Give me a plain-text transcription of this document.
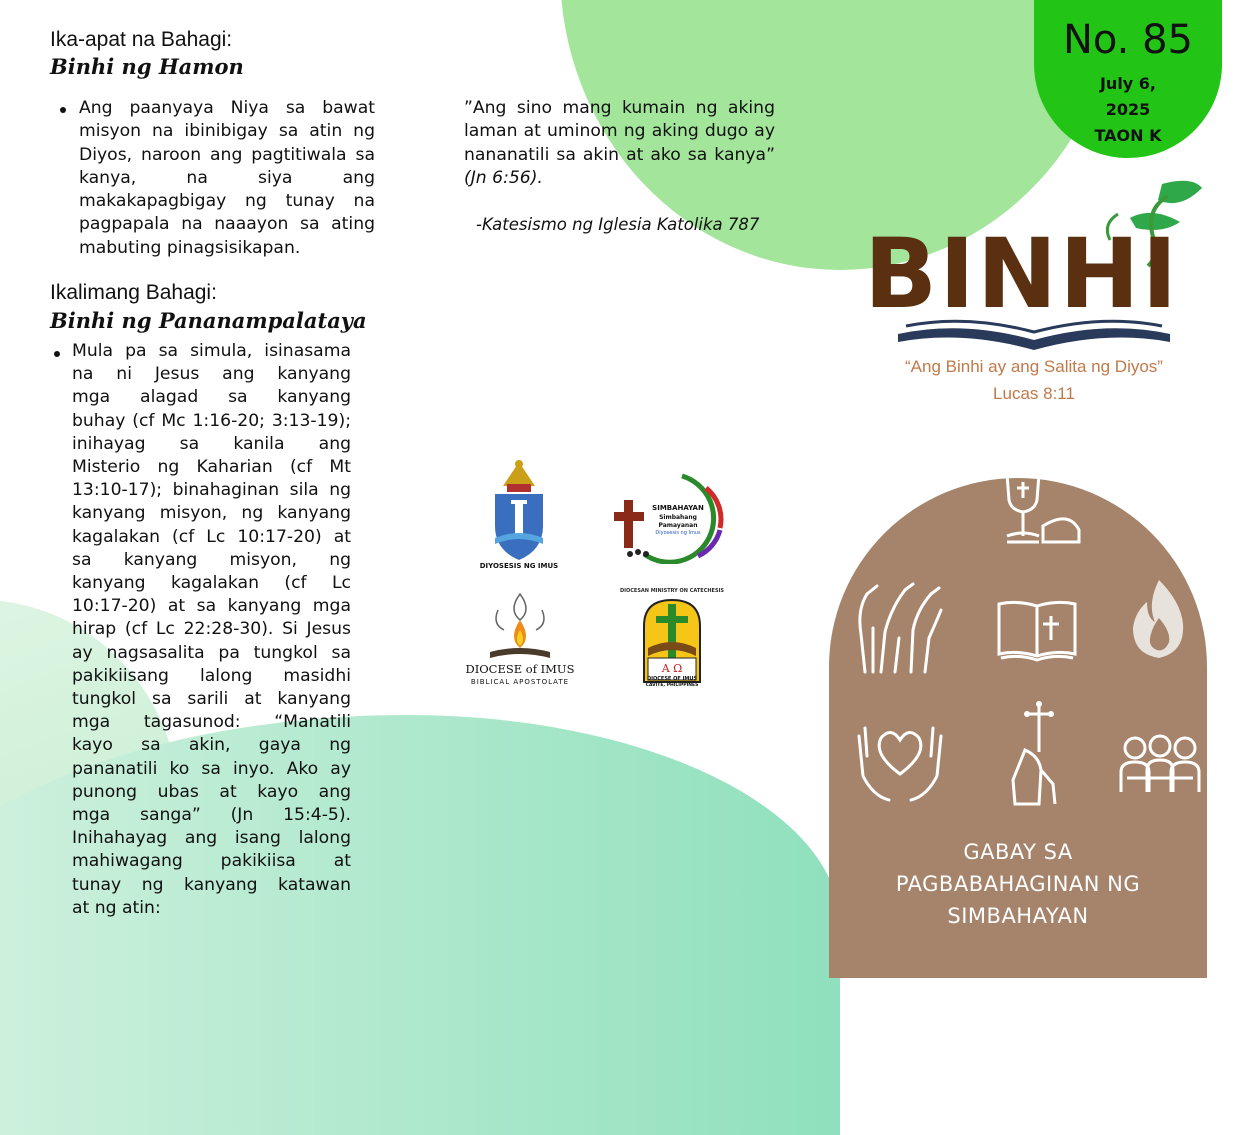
Ika-apat na Bahagi:
Binhi ng Hamon
Ang paanyaya Niya sa bawat misyon na ibinibigay sa atin ng Diyos, naroon ang pagtitiwala sa kanya, na siya ang makakapagbigay ng tunay na pagpapala na naaayon sa ating mabuting pinagsisikapan.
Ikalimang Bahagi:
Binhi ng Pananampalataya
Mula pa sa simula, isinasama
na ni Jesus ang kanyang
mga alagad sa kanyang
buhay (cf Mc 1:16-20; 3:13-19);
inihayag sa kanila ang
Misterio ng Kaharian (cf Mt
13:10-17); binahaginan sila ng
kanyang misyon, ng kanyang
kagalakan (cf Lc 10:17-20) at
sa kanyang misyon, ng
kanyang kagalakan (cf Lc
10:17-20) at sa kanyang mga
hirap (cf Lc 22:28-30). Si Jesus
ay nagsasalita pa tungkol sa
pakikiisang lalong masidhi
tungkol sa sarili at kanyang
mga tagasunod: “Manatili
kayo sa akin, gaya ng
pananatili ko sa inyo. Ako ay
punong ubas at kayo ang
mga sanga” (Jn 15:4-5).
Inihahayag ang isang lalong
mahiwagang pakikiisa at
tunay ng kanyang katawan
at ng atin:
”Ang sino mang kumain ng aking laman at uminom ng aking dugo ay nananatili sa akin at ako sa kanya” (Jn 6:56).
-Katesismo ng Iglesia Katolika 787
DIYOSESIS NG IMUS
SIMBAHAYAN
Simbahang
Pamayanan
Diyosesis ng Imus
DIOCESE of IMUS
BIBLICAL APOSTOLATE
A Ω
DIOCESAN MINISTRY ON CATECHESIS
DIOCESE OF IMUS
CAVITE, PHILIPPINES
No. 85
July 6,
2025
TAON K
BINHI
“Ang Binhi ay ang Salita ng Diyos”
Lucas 8:11
GABAY SA
PAGBABAHAGINAN NG
SIMBAHAYAN
